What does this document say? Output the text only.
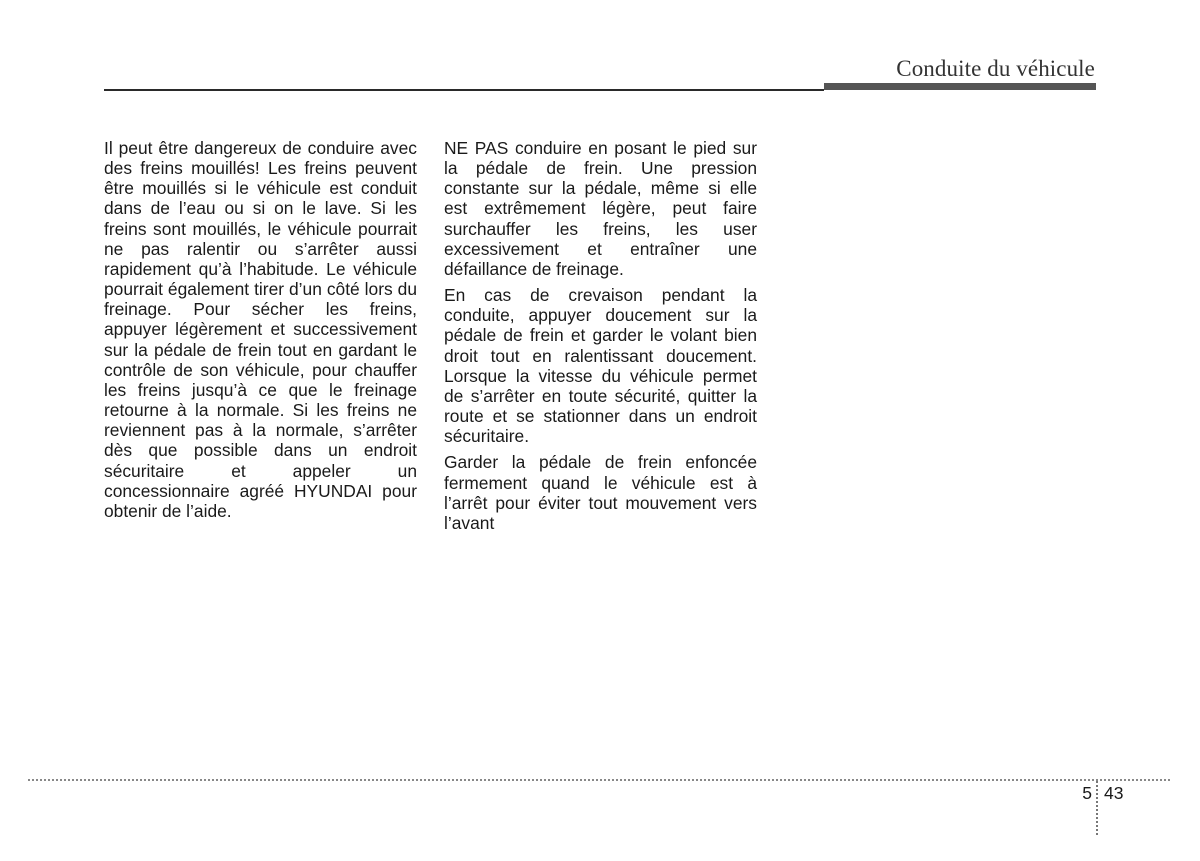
Conduite du véhicule

Il peut être dangereux de conduire avec des freins mouillés! Les freins peuvent être mouillés si le véhicule est conduit dans de l’eau ou si on le lave. Si les freins sont mouillés, le véhicule pourrait ne pas ralentir ou s’arrêter aussi rapidement qu’à l’habitude. Le véhicule pourrait également tirer d’un côté lors du freinage. Pour sécher les freins, appuyer légèrement et successivement sur la pédale de frein tout en gardant le contrôle de son véhicule, pour chauffer les freins jusqu’à ce que le freinage retourne à la normale. Si les freins ne reviennent pas à la normale, s’arrêter dès que possible dans un endroit sécuritaire et appeler un concessionnaire agréé HYUNDAI pour obtenir de l’aide.

NE PAS conduire en posant le pied sur la pédale de frein. Une pression constante sur la pédale, même si elle est extrêmement légère, peut faire surchauffer les freins, les user excessivement et entraîner une défaillance de freinage.

En cas de crevaison pendant la conduite, appuyer doucement sur la pédale de frein et garder le volant bien droit tout en ralentissant doucement. Lorsque la vitesse du véhicule permet de s’arrêter en toute sécurité, quitter la route et se stationner dans un endroit sécuritaire.

Garder la pédale de frein enfoncée fermement quand le véhicule est à l’arrêt pour éviter tout mouvement vers l’avant

5 43
